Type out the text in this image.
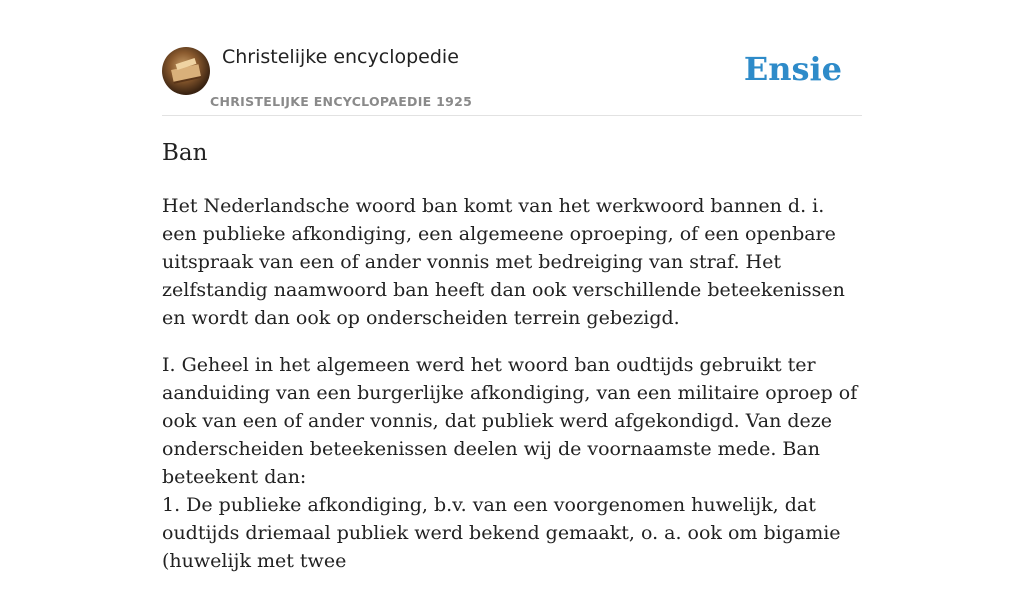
Christelijke encyclopedie
CHRISTELIJKE ENCYCLOPAEDIE 1925
Ensie
Ban

Het Nederlandsche woord ban komt van het werkwoord bannen d. i. een publieke afkondiging, een algemeene oproeping, of een openbare uitspraak van een of ander vonnis met bedreiging van straf. Het zelfstandig naamwoord ban heeft dan ook verschillende beteekenissen en wordt dan ook op onderscheiden terrein gebezigd.

I. Geheel in het algemeen werd het woord ban oudtijds gebruikt ter aanduiding van een burgerlijke afkondiging, van een militaire oproep of ook van een of ander vonnis, dat publiek werd afgekondigd. Van deze onderscheiden beteekenissen deelen wij de voornaamste mede. Ban beteekent dan:

1. De publieke afkondiging, b.v. van een voorgenomen huwelijk, dat oudtijds driemaal publiek werd bekend gemaakt, o. a. ook om bigamie (huwelijk met twee
